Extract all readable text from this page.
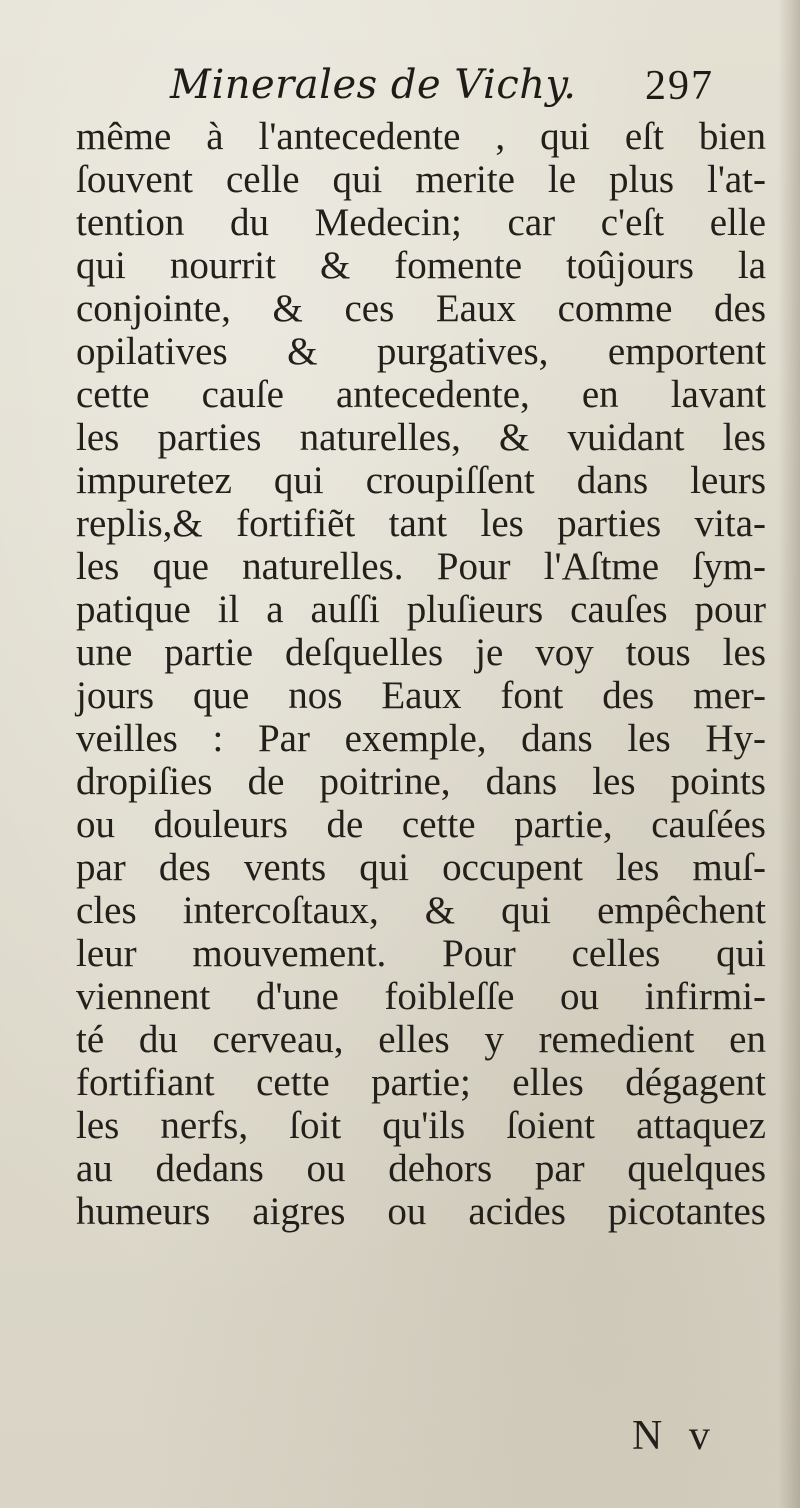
Minerales de Vichy. 297
même à l'antecedente , qui eſt bien
ſouvent celle qui merite le plus l'at-
tention du Medecin; car c'eſt elle
qui nourrit & fomente toûjours la
conjointe, & ces Eaux comme des
opilatives & purgatives, emportent
cette cauſe antecedente, en lavant
les parties naturelles, & vuidant les
impuretez qui croupiſſent dans leurs
replis,& fortifiẽt tant les parties vita-
les que naturelles. Pour l'Aſtme ſym-
patique il a auſſi pluſieurs cauſes pour
une partie deſquelles je voy tous les
jours que nos Eaux font des mer-
veilles : Par exemple, dans les Hy-
dropiſies de poitrine, dans les points
ou douleurs de cette partie, cauſées
par des vents qui occupent les muſ-
cles intercoſtaux, & qui empêchent
leur mouvement. Pour celles qui
viennent d'une foibleſſe ou infirmi-
té du cerveau, elles y remedient en
fortifiant cette partie; elles dégagent
les nerfs, ſoit qu'ils ſoient attaquez
au dedans ou dehors par quelques
humeurs aigres ou acides picotantes
N v
